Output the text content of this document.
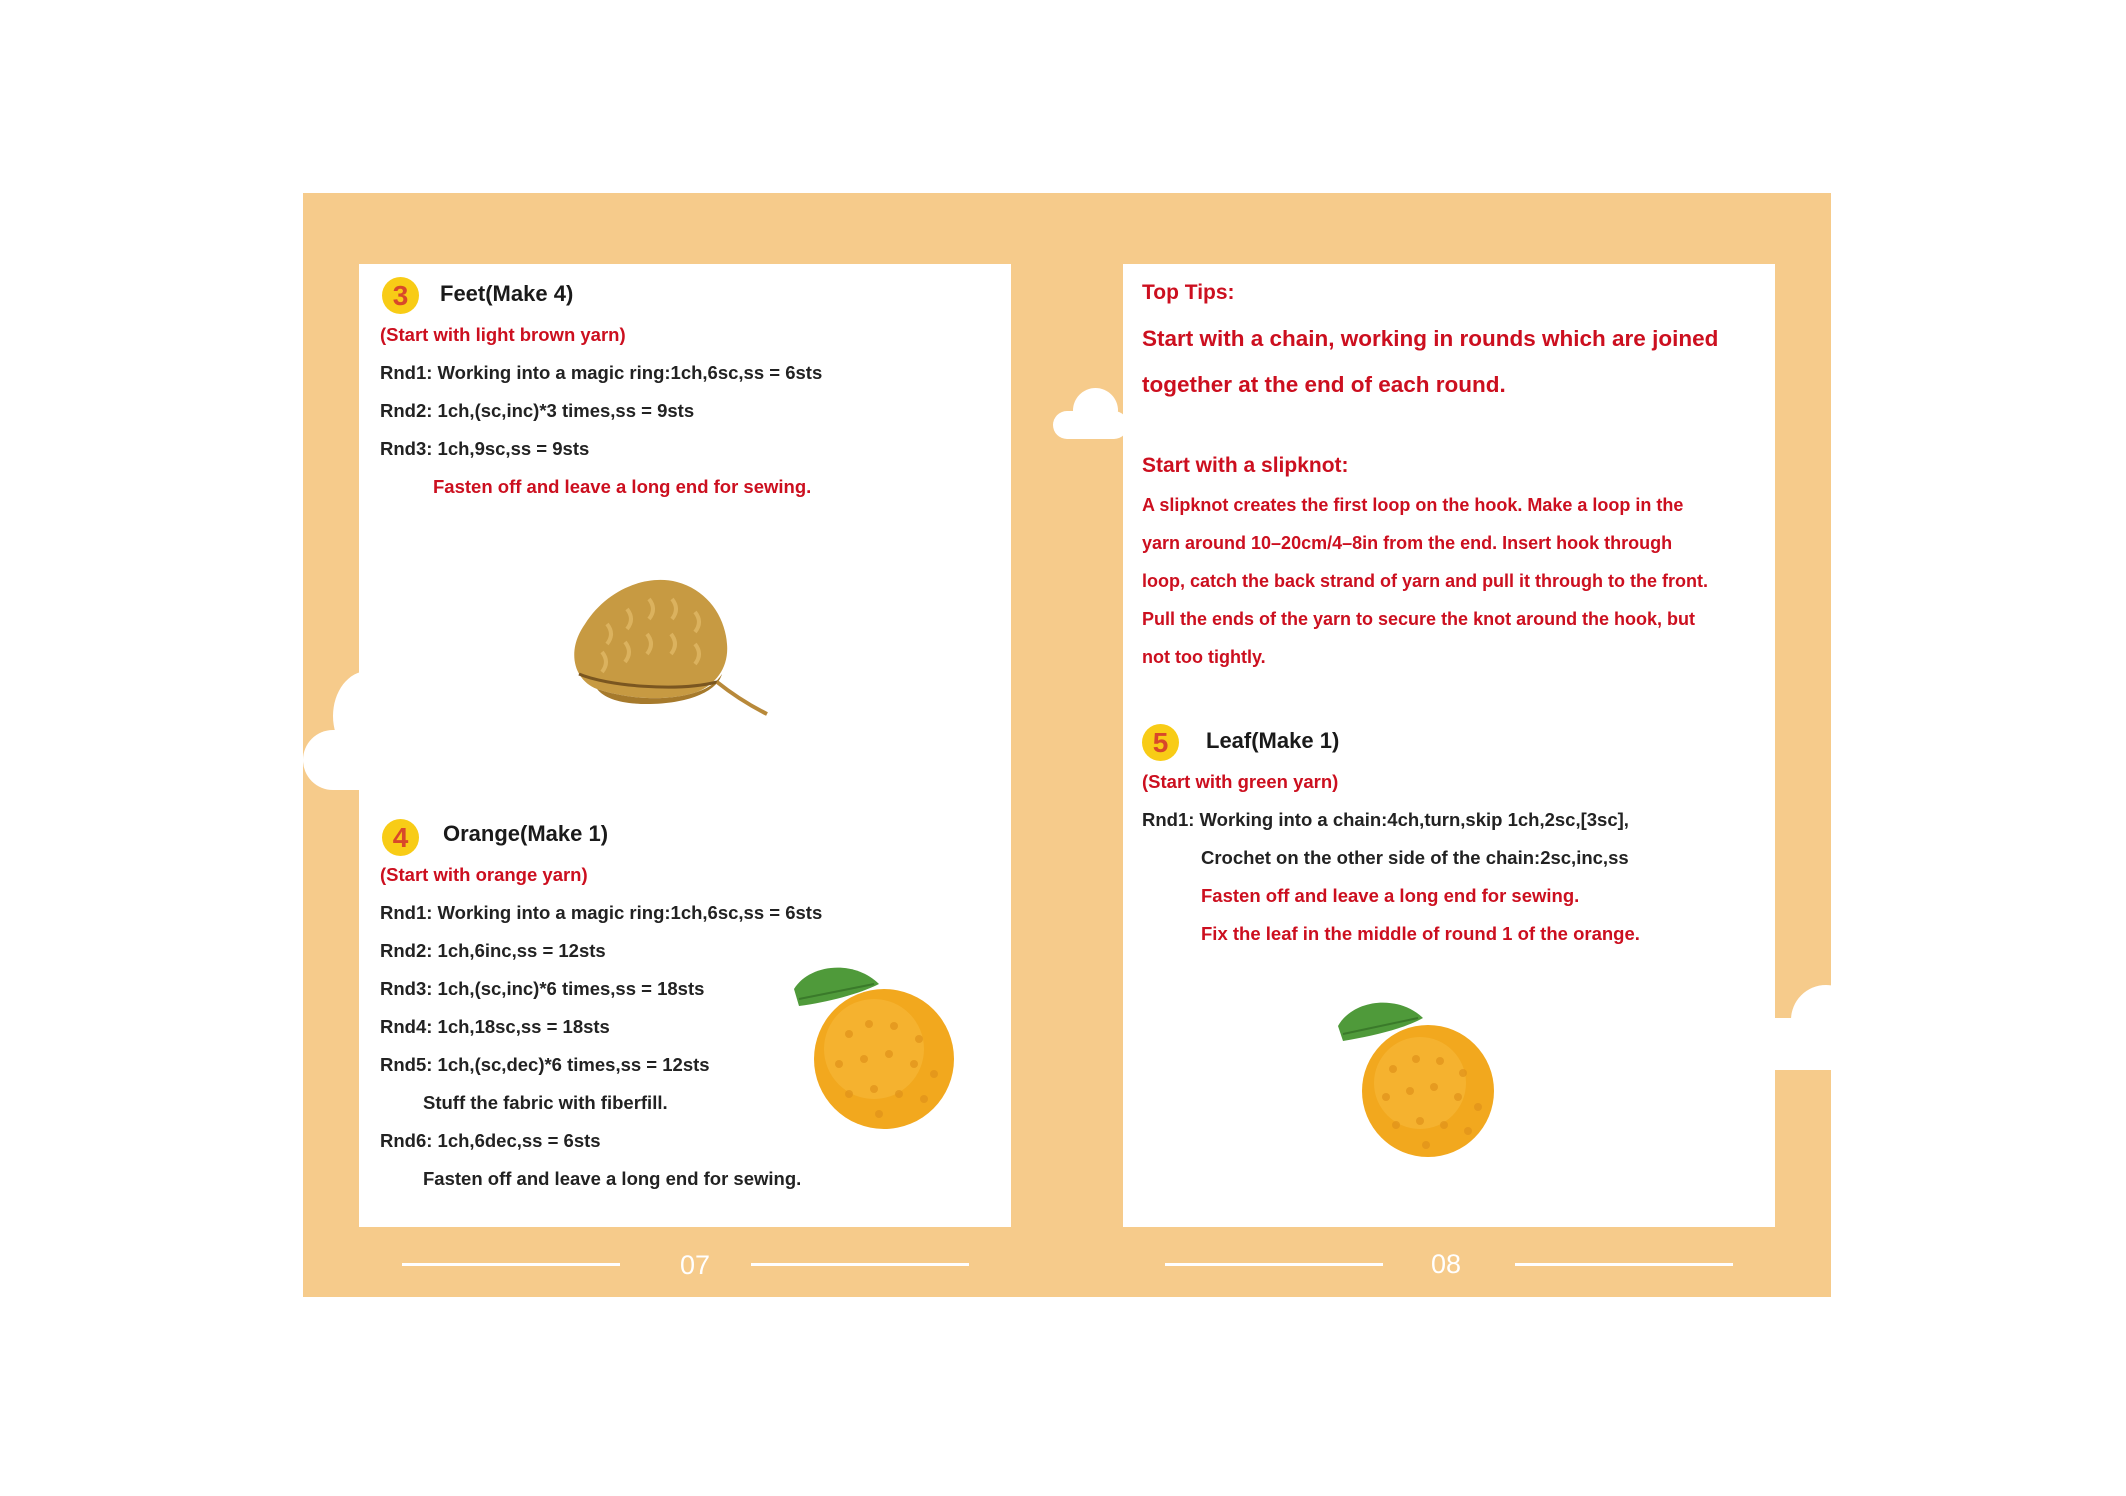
3	Feet(Make 4)
(Start with light brown yarn)
Rnd1: Working into a magic ring:1ch,6sc,ss = 6sts
Rnd2: 1ch,(sc,inc)*3 times,ss = 9sts
Rnd3: 1ch,9sc,ss = 9sts
Fasten off and leave a long end for sewing.
4	Orange(Make 1)
(Start with orange yarn)
Rnd1: Working into a magic ring:1ch,6sc,ss = 6sts
Rnd2: 1ch,6inc,ss = 12sts
Rnd3: 1ch,(sc,inc)*6 times,ss = 18sts
Rnd4: 1ch,18sc,ss = 18sts
Rnd5: 1ch,(sc,dec)*6 times,ss = 12sts
Stuff the fabric with fiberfill.
Rnd6: 1ch,6dec,ss = 6sts
Fasten off and leave a long end for sewing.
Top Tips:
Start with a chain, working in rounds which are joined
together at the end of each round.
Start with a slipknot:
A slipknot creates the first loop on the hook. Make a loop in the
yarn around 10–20cm/4–8in from the end. Insert hook through
loop, catch the back strand of yarn and pull it through to the front.
Pull the ends of the yarn to secure the knot around the hook, but
not too tightly.
5	Leaf(Make 1)
(Start with green yarn)
Rnd1: Working into a chain:4ch,turn,skip 1ch,2sc,[3sc],
Crochet on the other side of the chain:2sc,inc,ss
Fasten off and leave a long end for sewing.
Fix the leaf in the middle of round 1 of the orange.
07	08
